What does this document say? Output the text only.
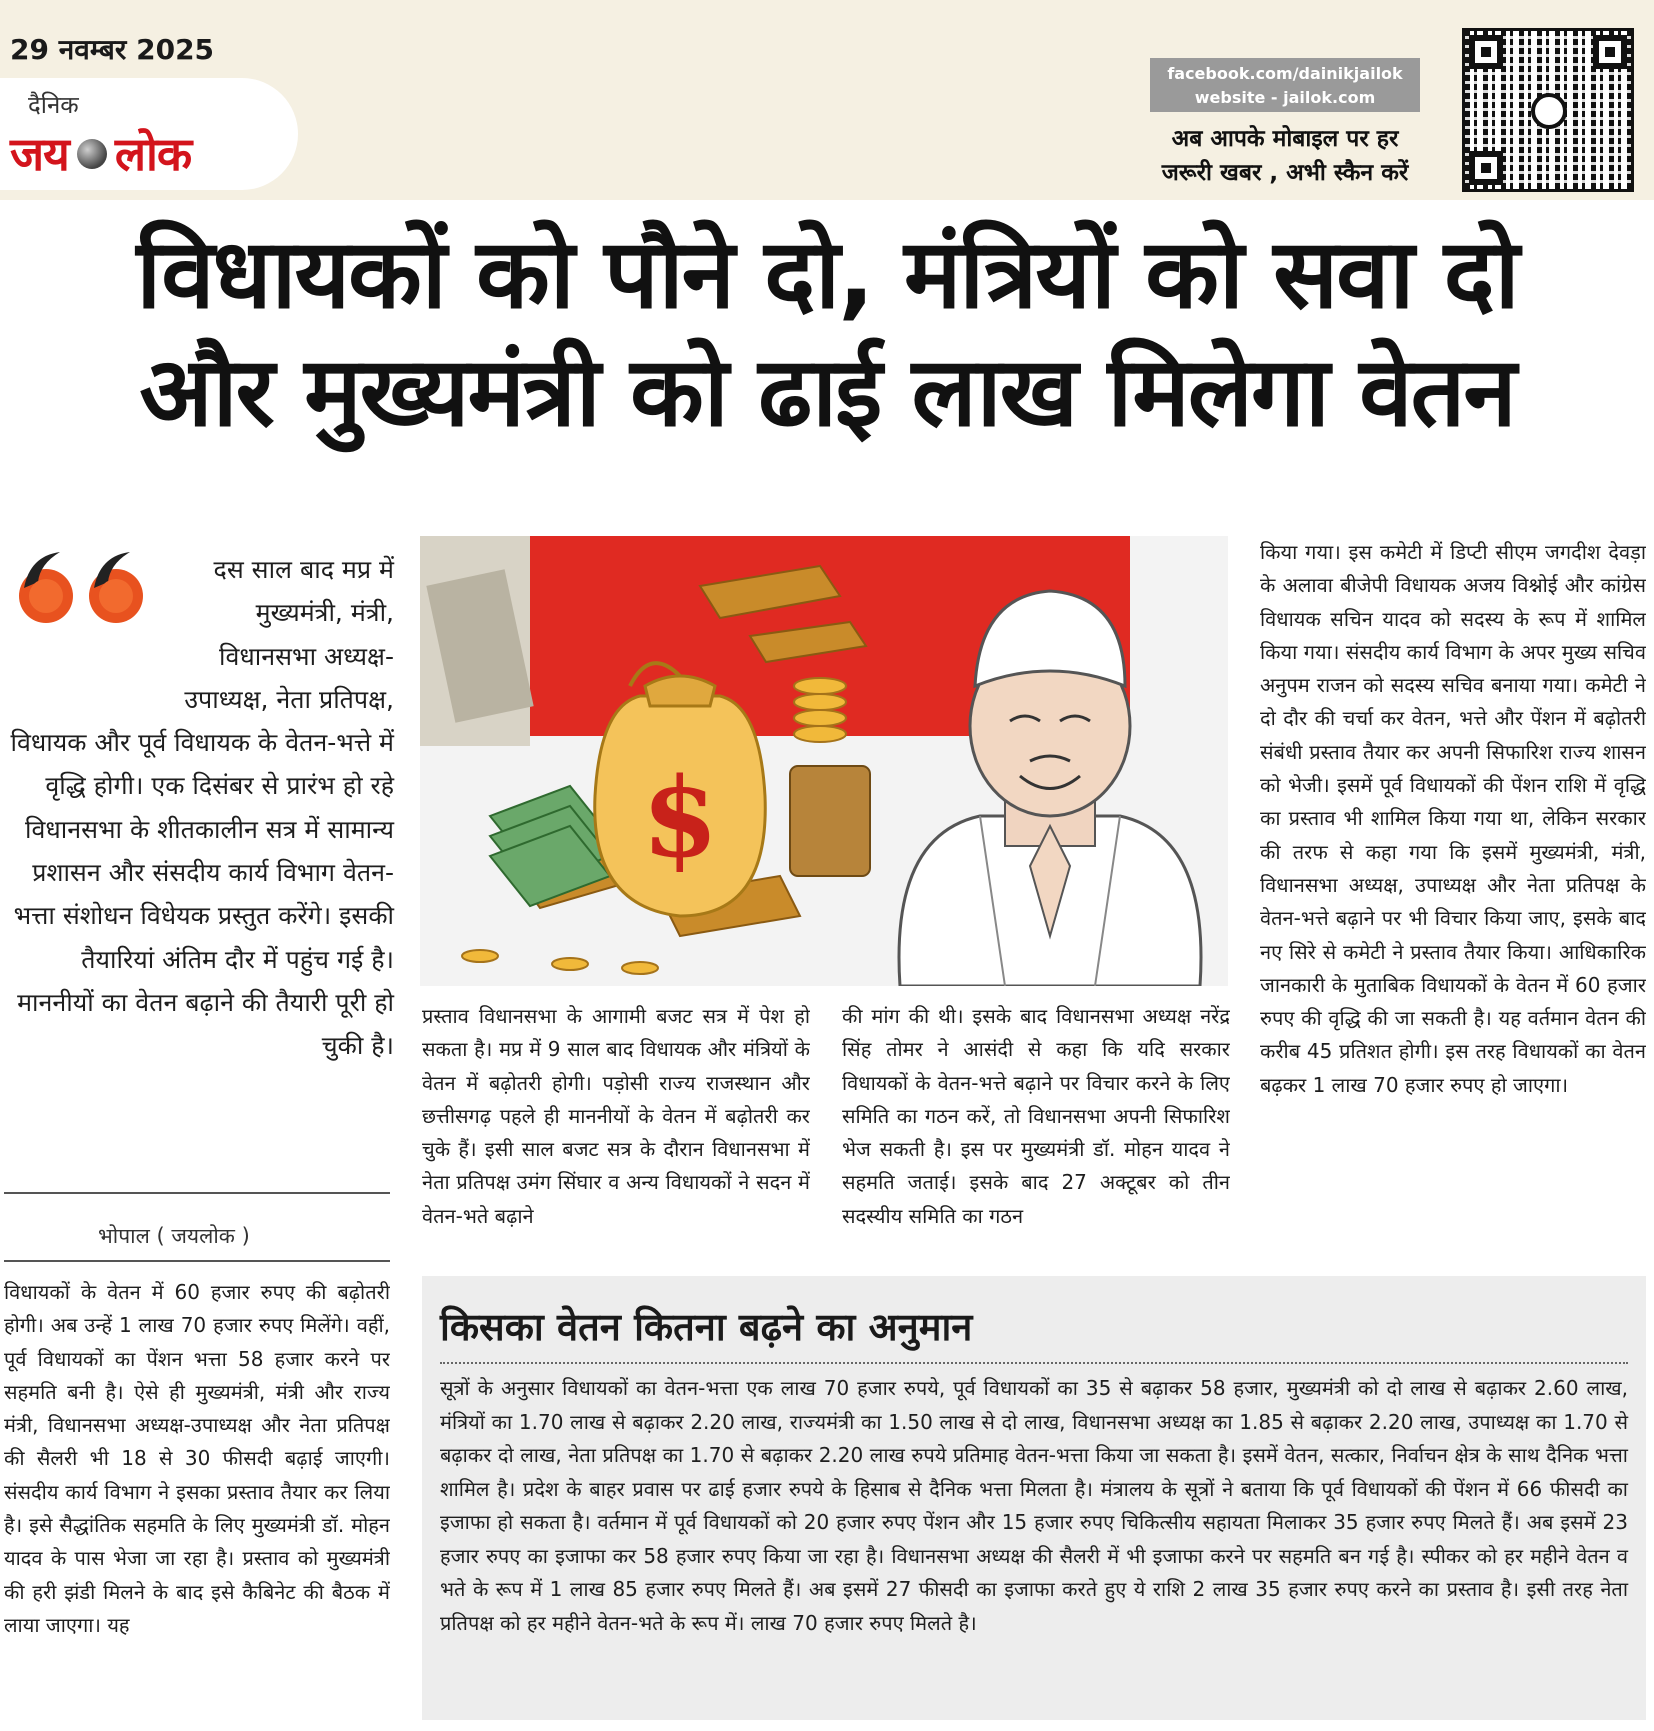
29 नवम्बर 2025
दैनिक
जय लोक
facebook.com/dainikjailok
website - jailok.com
अब आपके मोबाइल पर हर
जरूरी खबर , अभी स्कैन करें
विधायकों को पौने दो, मंत्रियों को सवा दो
और मुख्यमंत्री को ढाई लाख मिलेगा वेतन
दस साल बाद मप्र में मुख्यमंत्री, मंत्री, विधानसभा अध्यक्ष-उपाध्यक्ष, नेता प्रतिपक्ष, विधायक और पूर्व विधायक के वेतन-भत्ते में वृद्धि होगी। एक दिसंबर से प्रारंभ हो रहे विधानसभा के शीतकालीन सत्र में सामान्य प्रशासन और संसदीय कार्य विभाग वेतन-भत्ता संशोधन विधेयक प्रस्तुत करेंगे। इसकी तैयारियां अंतिम दौर में पहुंच गई है। माननीयों का वेतन बढ़ाने की तैयारी पूरी हो चुकी है।
भोपाल ( जयलोक )
विधायकों के वेतन में 60 हजार रुपए की बढ़ोतरी होगी। अब उन्हें 1 लाख 70 हजार रुपए मिलेंगे। वहीं, पूर्व विधायकों का पेंशन भत्ता 58 हजार करने पर सहमति बनी है। ऐसे ही मुख्यमंत्री, मंत्री और राज्य मंत्री, विधानसभा अध्यक्ष-उपाध्यक्ष और नेता प्रतिपक्ष की सैलरी भी 18 से 30 फीसदी बढ़ाई जाएगी। संसदीय कार्य विभाग ने इसका प्रस्ताव तैयार कर लिया है। इसे सैद्धांतिक सहमति के लिए मुख्यमंत्री डॉ. मोहन यादव के पास भेजा जा रहा है। प्रस्ताव को मुख्यमंत्री की हरी झंडी मिलने के बाद इसे कैबिनेट की बैठक में लाया जाएगा। यह
प्रस्ताव विधानसभा के आगामी बजट सत्र में पेश हो सकता है। मप्र में 9 साल बाद विधायक और मंत्रियों के वेतन में बढ़ोतरी होगी। पड़ोसी राज्य राजस्थान और छत्तीसगढ़ पहले ही माननीयों के वेतन में बढ़ोतरी कर चुके हैं। इसी साल बजट सत्र के दौरान विधानसभा में नेता प्रतिपक्ष उमंग सिंघार व अन्य विधायकों ने सदन में वेतन-भते बढ़ाने
की मांग की थी। इसके बाद विधानसभा अध्यक्ष नरेंद्र सिंह तोमर ने आसंदी से कहा कि यदि सरकार विधायकों के वेतन-भत्ते बढ़ाने पर विचार करने के लिए समिति का गठन करें, तो विधानसभा अपनी सिफारिश भेज सकती है। इस पर मुख्यमंत्री डॉ. मोहन यादव ने सहमति जताई। इसके बाद 27 अक्टूबर को तीन सदस्यीय समिति का गठन
किया गया। इस कमेटी में डिप्टी सीएम जगदीश देवड़ा के अलावा बीजेपी विधायक अजय विश्नोई और कांग्रेस विधायक सचिन यादव को सदस्य के रूप में शामिल किया गया। संसदीय कार्य विभाग के अपर मुख्य सचिव अनुपम राजन को सदस्य सचिव बनाया गया। कमेटी ने दो दौर की चर्चा कर वेतन, भत्ते और पेंशन में बढ़ोतरी संबंधी प्रस्ताव तैयार कर अपनी सिफारिश राज्य शासन को भेजी। इसमें पूर्व विधायकों की पेंशन राशि में वृद्धि का प्रस्ताव भी शामिल किया गया था, लेकिन सरकार की तरफ से कहा गया कि इसमें मुख्यमंत्री, मंत्री, विधानसभा अध्यक्ष, उपाध्यक्ष और नेता प्रतिपक्ष के वेतन-भत्ते बढ़ाने पर भी विचार किया जाए, इसके बाद नए सिरे से कमेटी ने प्रस्ताव तैयार किया। आधिकारिक जानकारी के मुताबिक विधायकों के वेतन में 60 हजार रुपए की वृद्धि की जा सकती है। यह वर्तमान वेतन की करीब 45 प्रतिशत होगी। इस तरह विधायकों का वेतन बढ़कर 1 लाख 70 हजार रुपए हो जाएगा।
$
किसका वेतन कितना बढ़ने का अनुमान
सूत्रों के अनुसार विधायकों का वेतन-भत्ता एक लाख 70 हजार रुपये, पूर्व विधायकों का 35 से बढ़ाकर 58 हजार, मुख्यमंत्री को दो लाख से बढ़ाकर 2.60 लाख, मंत्रियों का 1.70 लाख से बढ़ाकर 2.20 लाख, राज्यमंत्री का 1.50 लाख से दो लाख, विधानसभा अध्यक्ष का 1.85 से बढ़ाकर 2.20 लाख, उपाध्यक्ष का 1.70 से बढ़ाकर दो लाख, नेता प्रतिपक्ष का 1.70 से बढ़ाकर 2.20 लाख रुपये प्रतिमाह वेतन-भत्ता किया जा सकता है। इसमें वेतन, सत्कार, निर्वाचन क्षेत्र के साथ दैनिक भत्ता शामिल है। प्रदेश के बाहर प्रवास पर ढाई हजार रुपये के हिसाब से दैनिक भत्ता मिलता है। मंत्रालय के सूत्रों ने बताया कि पूर्व विधायकों की पेंशन में 66 फीसदी का इजाफा हो सकता है। वर्तमान में पूर्व विधायकों को 20 हजार रुपए पेंशन और 15 हजार रुपए चिकित्सीय सहायता मिलाकर 35 हजार रुपए मिलते हैं। अब इसमें 23 हजार रुपए का इजाफा कर 58 हजार रुपए किया जा रहा है। विधानसभा अध्यक्ष की सैलरी में भी इजाफा करने पर सहमति बन गई है। स्पीकर को हर महीने वेतन व भते के रूप में 1 लाख 85 हजार रुपए मिलते हैं। अब इसमें 27 फीसदी का इजाफा करते हुए ये राशि 2 लाख 35 हजार रुपए करने का प्रस्ताव है। इसी तरह नेता प्रतिपक्ष को हर महीने वेतन-भते के रूप में। लाख 70 हजार रुपए मिलते है।
